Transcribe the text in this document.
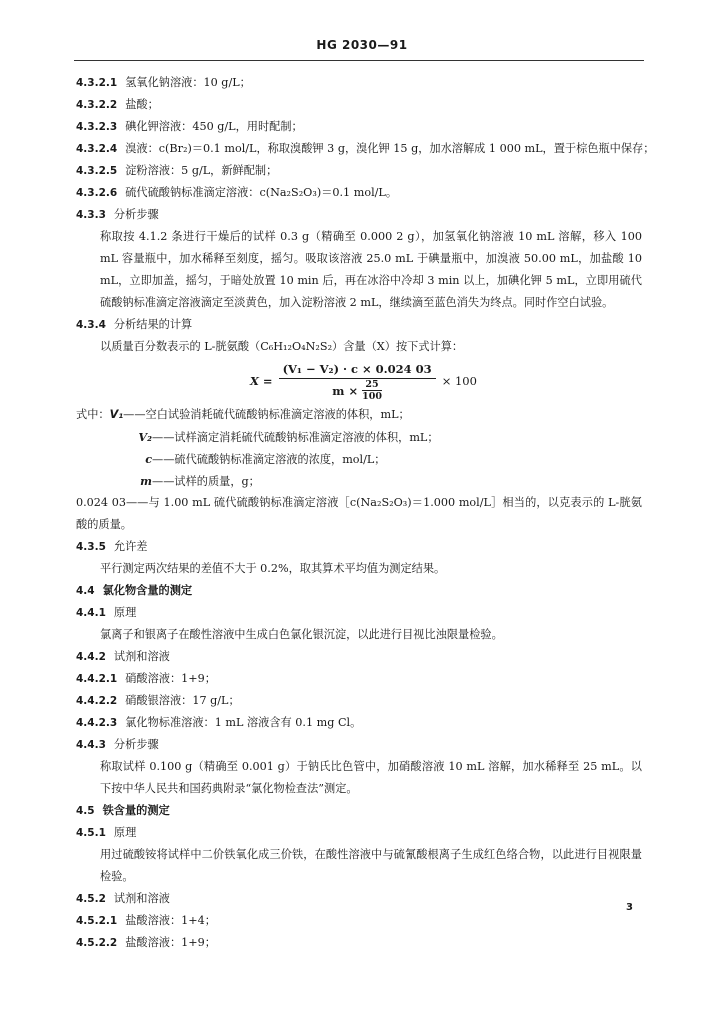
HG 2030—91
4.3.2.1 氢氧化钠溶液：10 g/L；
4.3.2.2 盐酸；
4.3.2.3 碘化钾溶液：450 g/L，用时配制；
4.3.2.4 溴液：c(Br₂)＝0.1 mol/L，称取溴酸钾 3 g，溴化钾 15 g，加水溶解成 1 000 mL，置于棕色瓶中保存；
4.3.2.5 淀粉溶液：5 g/L，新鲜配制；
4.3.2.6 硫代硫酸钠标准滴定溶液：c(Na₂S₂O₃)＝0.1 mol/L。
4.3.3 分析步骤
称取按 4.1.2 条进行干燥后的试样 0.3 g（精确至 0.000 2 g），加氢氧化钠溶液 10 mL 溶解，移入 100 mL 容量瓶中，加水稀释至刻度，摇匀。吸取该溶液 25.0 mL 于碘量瓶中，加溴液 50.00 mL，加盐酸 10 mL，立即加盖，摇匀，于暗处放置 10 min 后，再在冰浴中冷却 3 min 以上，加碘化钾 5 mL，立即用硫代硫酸钠标准滴定溶液滴定至淡黄色，加入淀粉溶液 2 mL，继续滴至蓝色消失为终点。同时作空白试验。
4.3.4 分析结果的计算
以质量百分数表示的 L-胱氨酸（C₆H₁₂O₄N₂S₂）含量（X）按下式计算：
X =
(V₁ − V₂) · c × 0.024 03
$m \times \frac{25}{100}$	× 100
式中：V₁——空白试验消耗硫代硫酸钠标准滴定溶液的体积，mL；
V₂——试样滴定消耗硫代硫酸钠标准滴定溶液的体积，mL；
c——硫代硫酸钠标准滴定溶液的浓度，mol/L；
m——试样的质量，g；
0.024 03——与 1.00 mL 硫代硫酸钠标准滴定溶液［c(Na₂S₂O₃)＝1.000 mol/L］相当的，以克表示的 L-胱氨酸的质量。
4.3.5 允许差
平行测定两次结果的差值不大于 0.2%，取其算术平均值为测定结果。
4.4 氯化物含量的测定
4.4.1 原理
氯离子和银离子在酸性溶液中生成白色氯化银沉淀，以此进行目视比浊限量检验。
4.4.2 试剂和溶液
4.4.2.1 硝酸溶液：1+9；
4.4.2.2 硝酸银溶液：17 g/L；
4.4.2.3 氯化物标准溶液：1 mL 溶液含有 0.1 mg Cl。
4.4.3 分析步骤
称取试样 0.100 g（精确至 0.001 g）于钠氏比色管中，加硝酸溶液 10 mL 溶解，加水稀释至 25 mL。以下按中华人民共和国药典附录“氯化物检查法”测定。
4.5 铁含量的测定
4.5.1 原理
用过硫酸铵将试样中二价铁氧化成三价铁，在酸性溶液中与硫氰酸根离子生成红色络合物，以此进行目视限量检验。
4.5.2 试剂和溶液
4.5.2.1 盐酸溶液：1+4；
4.5.2.2 盐酸溶液：1+9；
3
